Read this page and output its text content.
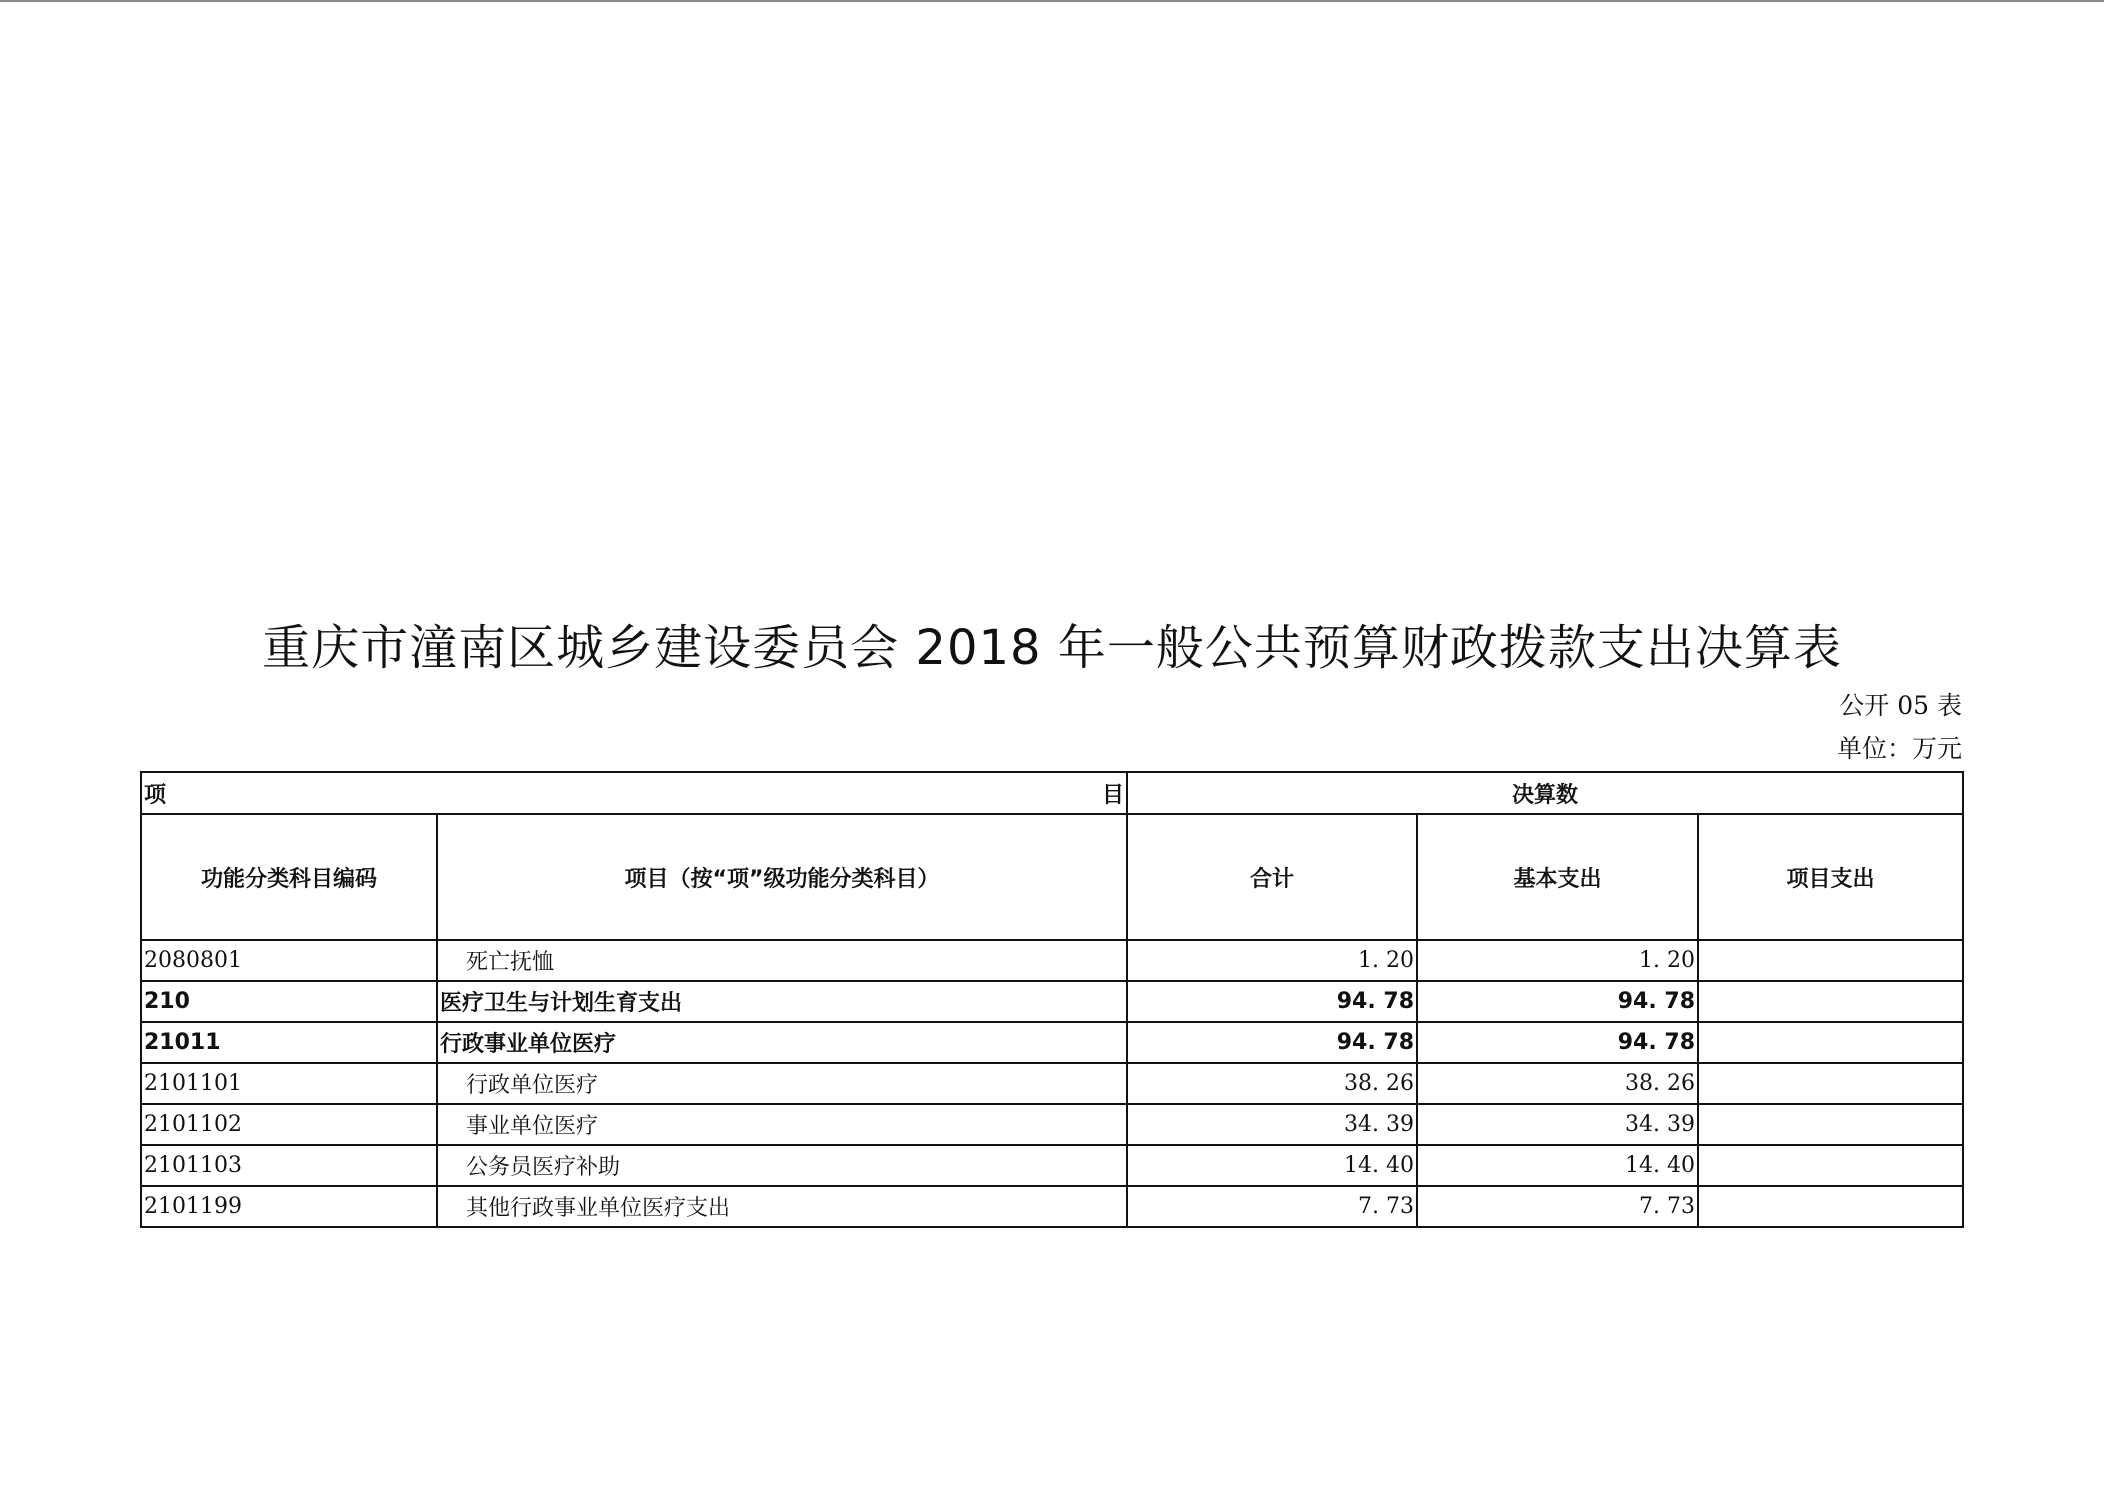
重庆市潼南区城乡建设委员会 2018 年一般公共预算财政拨款支出决算表
公开 05 表
单位：万元
项 目		决算数		
功能分类科目编码	项目（按“项”级功能分类科目）	合计	基本支出	项目支出
2080801	死亡抚恤	1. 20	1. 20	
210	医疗卫生与计划生育支出	94. 78	94. 78	
21011	行政事业单位医疗	94. 78	94. 78	
2101101	行政单位医疗	38. 26	38. 26	
2101102	事业单位医疗	34. 39	34. 39	
2101103	公务员医疗补助	14. 40	14. 40	
2101199	其他行政事业单位医疗支出	7. 73	7. 73	
